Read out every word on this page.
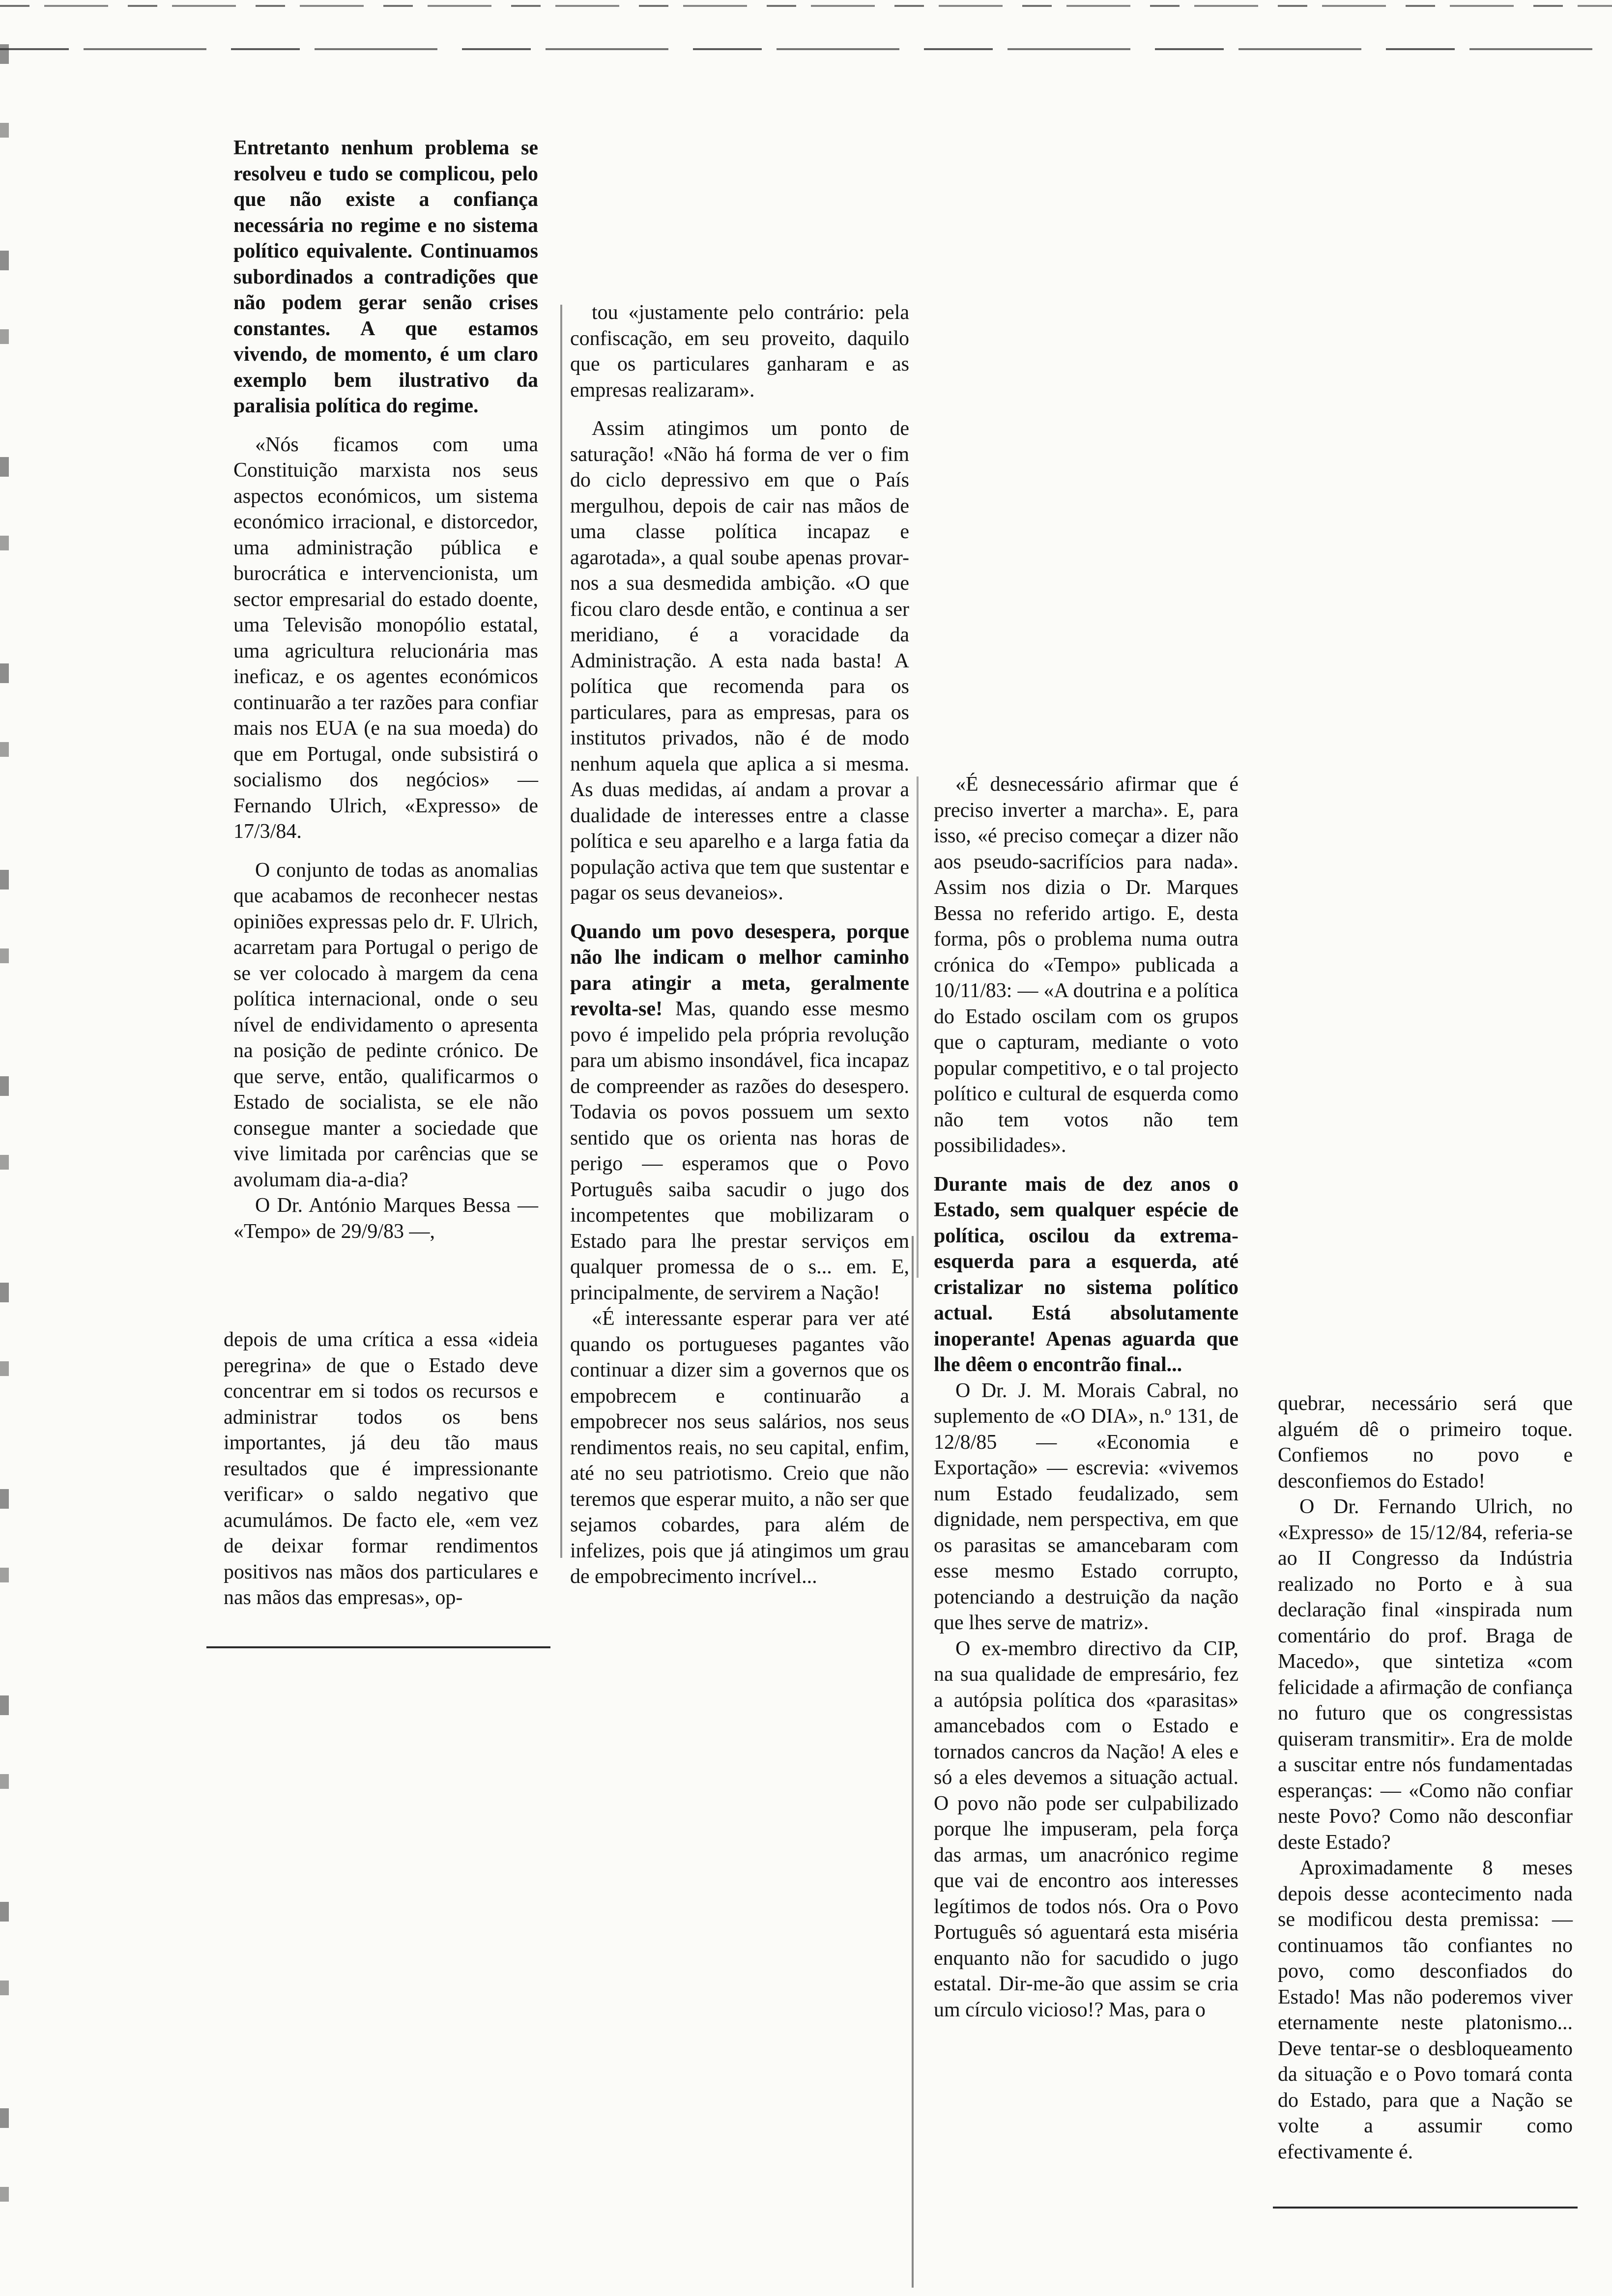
Entretanto nenhum problema se resolveu e tudo se complicou, pelo que não existe a confiança necessária no regime e no sistema político equivalente. Continuamos subordinados a contradições que não podem gerar senão crises constantes. A que estamos vivendo, de momento, é um claro exemplo bem ilustrativo da paralisia política do regime.

«Nós ficamos com uma Constituição marxista nos seus aspectos económicos, um sistema económico irracional, e distorcedor, uma administração pública e burocrática e intervencionista, um sector empresarial do estado doente, uma Televisão monopólio estatal, uma agricultura relucionária mas ineficaz, e os agentes económicos continuarão a ter razões para confiar mais nos EUA (e na sua moeda) do que em Portugal, onde subsistirá o socialismo dos negócios» — Fernando Ulrich, «Expresso» de 17/3/84.

O conjunto de todas as anomalias que acabamos de reconhecer nestas opiniões expressas pelo dr. F. Ulrich, acarretam para Portugal o perigo de se ver colocado à margem da cena política internacional, onde o seu nível de endividamento o apresenta na posição de pedinte crónico. De que serve, então, qualificarmos o Estado de socialista, se ele não consegue manter a sociedade que vive limitada por carências que se avolumam dia-a-dia?

O Dr. António Marques Bessa — «Tempo» de 29/9/83 —,

depois de uma crítica a essa «ideia peregrina» de que o Estado deve concentrar em si todos os recursos e administrar todos os bens importantes, já deu tão maus resultados que é impressionante verificar» o saldo negativo que acumulámos. De facto ele, «em vez de deixar formar rendimentos positivos nas mãos dos particulares e nas mãos das empresas», op-

tou «justamente pelo contrário: pela confiscação, em seu proveito, daquilo que os particulares ganharam e as empresas realizaram».

Assim atingimos um ponto de saturação! «Não há forma de ver o fim do ciclo depressivo em que o País mergulhou, depois de cair nas mãos de uma classe política incapaz e agarotada», a qual soube apenas provar-nos a sua desmedida ambição. «O que ficou claro desde então, e continua a ser meridiano, é a voracidade da Administração. A esta nada basta! A política que recomenda para os particulares, para as empresas, para os institutos privados, não é de modo nenhum aquela que aplica a si mesma. As duas medidas, aí andam a provar a dualidade de interesses entre a classe política e seu aparelho e a larga fatia da população activa que tem que sustentar e pagar os seus devaneios».

Quando um povo desespera, porque não lhe indicam o melhor caminho para atingir a meta, geralmente revolta-se! Mas, quando esse mesmo povo é impelido pela própria revolução para um abismo insondável, fica incapaz de compreender as razões do desespero. Todavia os povos possuem um sexto sentido que os orienta nas horas de perigo — esperamos que o Povo Português saiba sacudir o jugo dos incompetentes que mobilizaram o Estado para lhe prestar serviços em qualquer promessa de o s... em. E, principalmente, de servirem a Nação!

«É interessante esperar para ver até quando os portugueses pagantes vão continuar a dizer sim a governos que os empobrecem e continuarão a empobrecer nos seus salários, nos seus rendimentos reais, no seu capital, enfim, até no seu patriotismo. Creio que não teremos que esperar muito, a não ser que sejamos cobardes, para além de infelizes, pois que já atingimos um grau de empobrecimento incrível...

«É desnecessário afirmar que é preciso inverter a marcha». E, para isso, «é preciso começar a dizer não aos pseudo-sacrifícios para nada». Assim nos dizia o Dr. Marques Bessa no referido artigo. E, desta forma, pôs o problema numa outra crónica do «Tempo» publicada a 10/11/83: — «A doutrina e a política do Estado oscilam com os grupos que o capturam, mediante o voto popular competitivo, e o tal projecto político e cultural de esquerda como não tem votos não tem possibilidades».

Durante mais de dez anos o Estado, sem qualquer espécie de política, oscilou da extrema-esquerda para a esquerda, até cristalizar no sistema político actual. Está absolutamente inoperante! Apenas aguarda que lhe dêem o encontrão final...

O Dr. J. M. Morais Cabral, no suplemento de «O DIA», n.º 131, de 12/8/85 — «Economia e Exportação» — escrevia: «vivemos num Estado feudalizado, sem dignidade, nem perspectiva, em que os parasitas se amancebaram com esse mesmo Estado corrupto, potenciando a destruição da nação que lhes serve de matriz».

O ex-membro directivo da CIP, na sua qualidade de empresário, fez a autópsia política dos «parasitas» amancebados com o Estado e tornados cancros da Nação! A eles e só a eles devemos a situação actual. O povo não pode ser culpabilizado porque lhe impuseram, pela força das armas, um anacrónico regime que vai de encontro aos interesses legítimos de todos nós. Ora o Povo Português só aguentará esta miséria enquanto não for sacudido o jugo estatal. Dir-me-ão que assim se cria um círculo vicioso!? Mas, para o

quebrar, necessário será que alguém dê o primeiro toque. Confiemos no povo e desconfiemos do Estado!

O Dr. Fernando Ulrich, no «Expresso» de 15/12/84, referia-se ao II Congresso da Indústria realizado no Porto e à sua declaração final «inspirada num comentário do prof. Braga de Macedo», que sintetiza «com felicidade a afirmação de confiança no futuro que os congressistas quiseram transmitir». Era de molde a suscitar entre nós fundamentadas esperanças: — «Como não confiar neste Povo? Como não desconfiar deste Estado?

Aproximadamente 8 meses depois desse acontecimento nada se modificou desta premissa: — continuamos tão confiantes no povo, como desconfiados do Estado! Mas não poderemos viver eternamente neste platonismo... Deve tentar-se o desbloqueamento da situação e o Povo tomará conta do Estado, para que a Nação se volte a assumir como efectivamente é.
